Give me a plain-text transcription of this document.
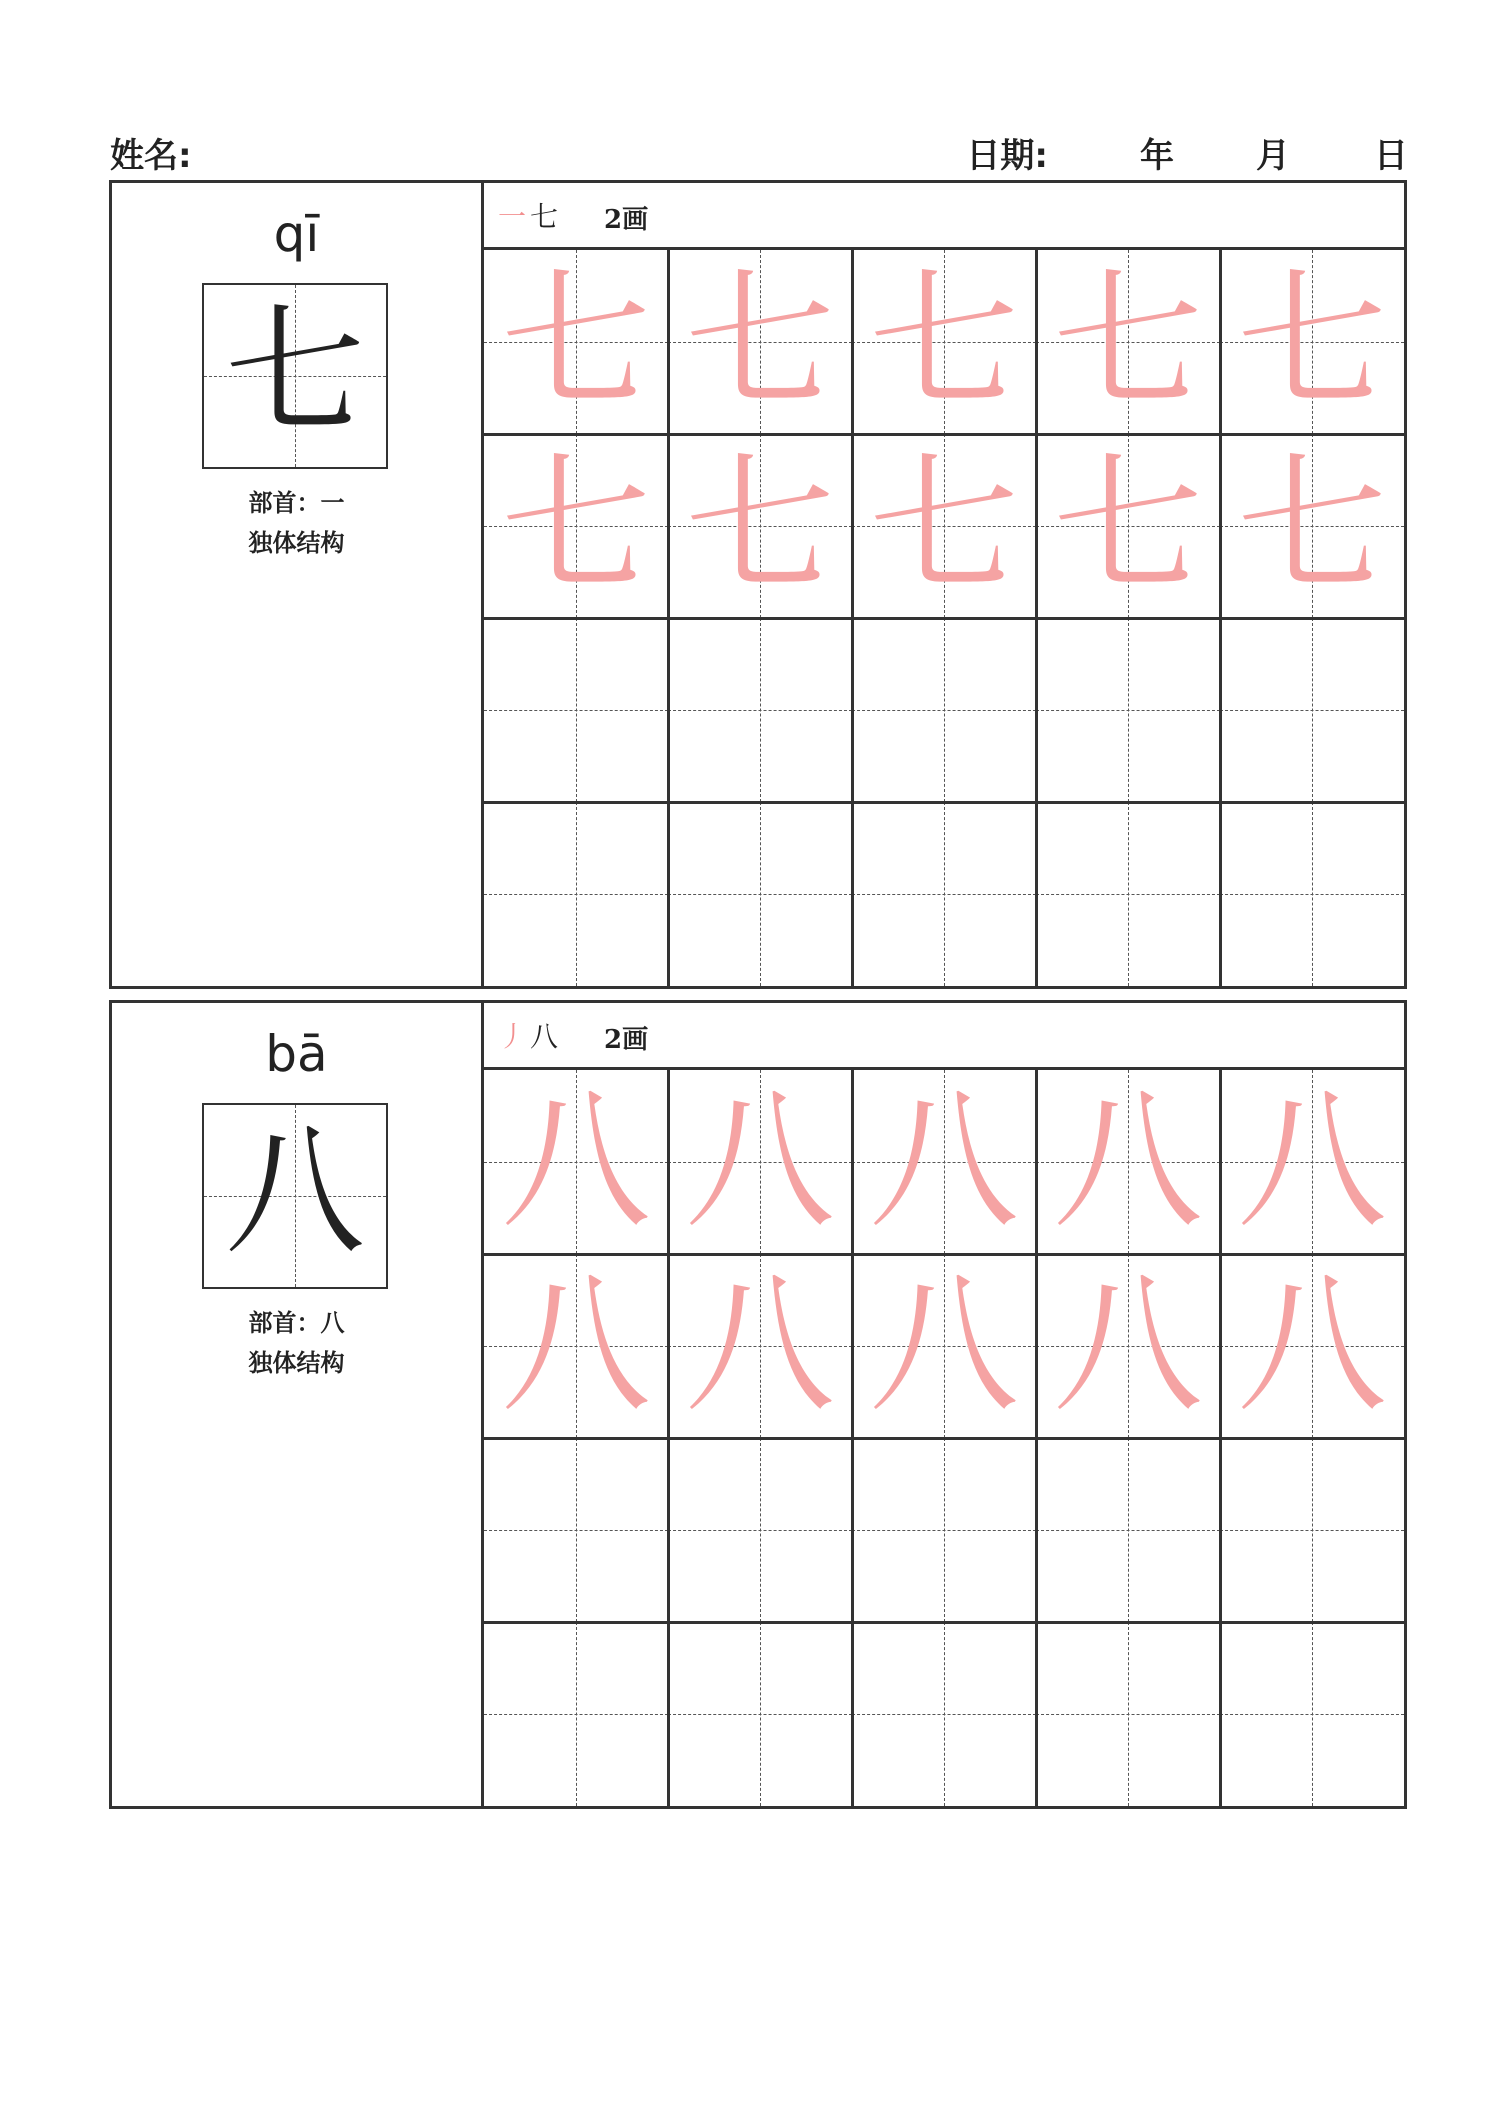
姓名:	日期:	年 月 日
qī
七
部首：一
独体结构
一 七 2画
七 七 七 七 七
七 七 七 七 七
bā
八
部首：八
独体结构
丿 八 2画
八 八 八 八 八
八 八 八 八 八
